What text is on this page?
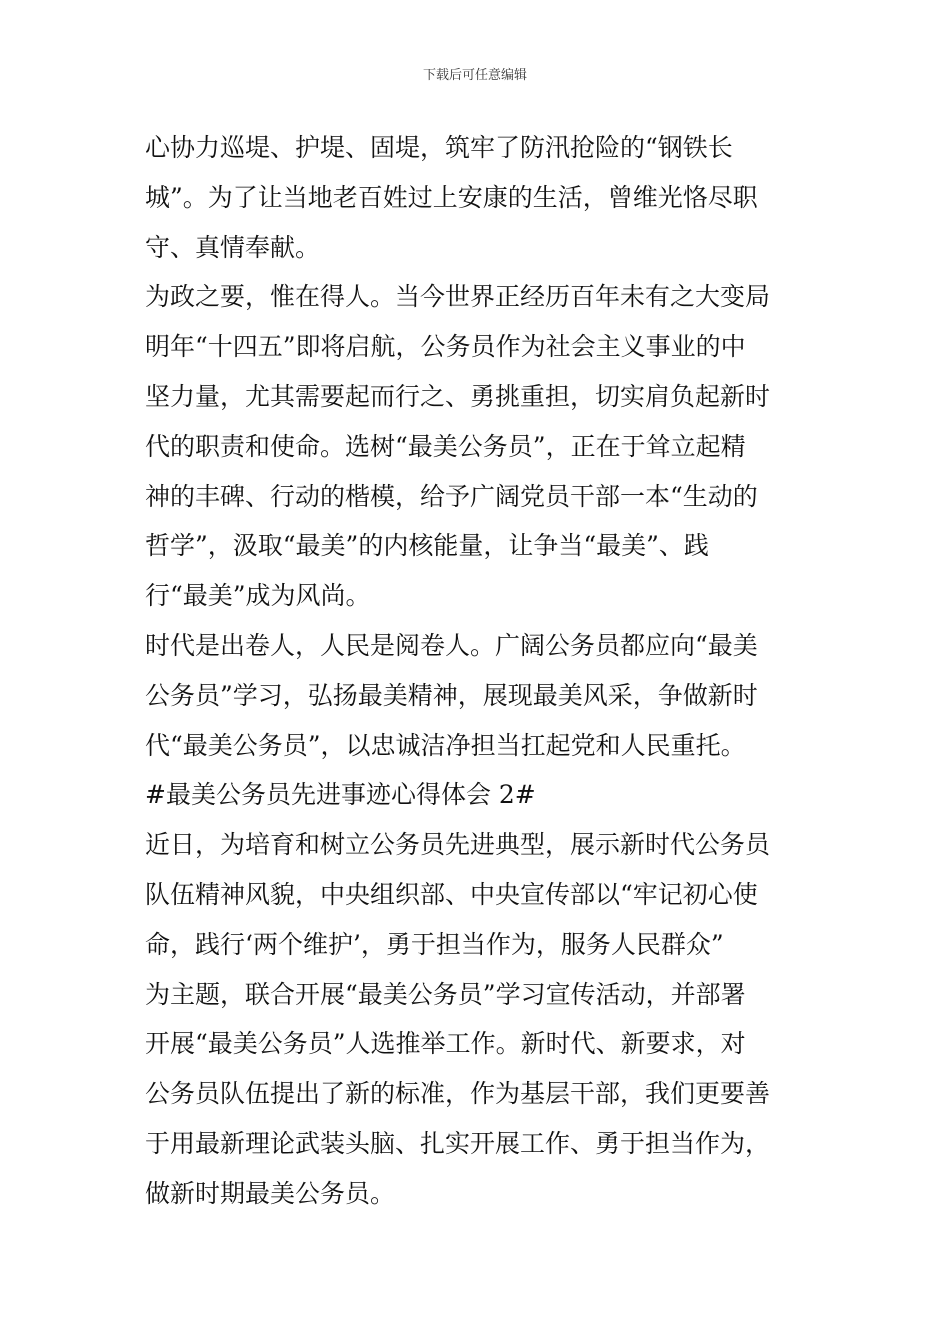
下载后可任意编辑
心协力巡堤、护堤、固堤，筑牢了防汛抢险的“钢铁长
城”。为了让当地老百姓过上安康的生活，曾维光恪尽职
守、真情奉献。
为政之要，惟在得人。当今世界正经历百年未有之大变局
明年“十四五”即将启航，公务员作为社会主义事业的中
坚力量，尤其需要起而行之、勇挑重担，切实肩负起新时
代的职责和使命。选树“最美公务员”，正在于耸立起精
神的丰碑、行动的楷模，给予广阔党员干部一本“生动的
哲学”，汲取“最美”的内核能量，让争当“最美”、践
行“最美”成为风尚。
时代是出卷人，人民是阅卷人。广阔公务员都应向“最美
公务员”学习，弘扬最美精神，展现最美风采，争做新时
代“最美公务员”，以忠诚洁净担当扛起党和人民重托。
#最美公务员先进事迹心得体会 2#
近日，为培育和树立公务员先进典型，展示新时代公务员
队伍精神风貌，中央组织部、中央宣传部以“牢记初心使
命，践行‘两个维护’，勇于担当作为，服务人民群众”
为主题，联合开展“最美公务员”学习宣传活动，并部署
开展“最美公务员”人选推举工作。新时代、新要求，对
公务员队伍提出了新的标准，作为基层干部，我们更要善
于用最新理论武装头脑、扎实开展工作、勇于担当作为，
做新时期最美公务员。
